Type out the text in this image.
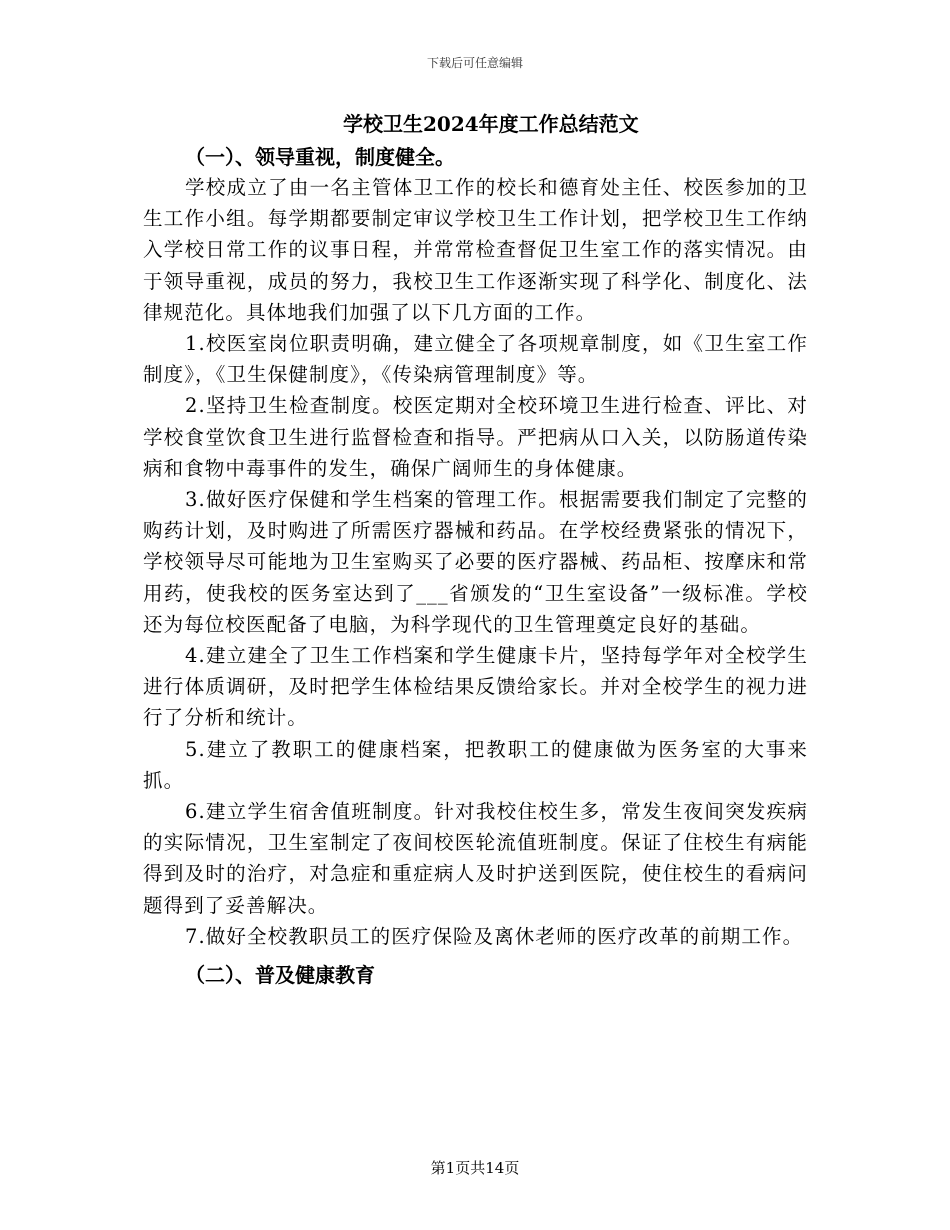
下载后可任意编辑
学校卫生2024年度工作总结范文
（一）、领导重视，制度健全。

学校成立了由一名主管体卫工作的校长和德育处主任、校医参加的卫生工作小组。每学期都要制定审议学校卫生工作计划，把学校卫生工作纳入学校日常工作的议事日程，并常常检查督促卫生室工作的落实情况。由于领导重视，成员的努力，我校卫生工作逐渐实现了科学化、制度化、法律规范化。具体地我们加强了以下几方面的工作。

1.校医室岗位职责明确，建立健全了各项规章制度，如《卫生室工作制度》，《卫生保健制度》，《传染病管理制度》等。

2.坚持卫生检查制度。校医定期对全校环境卫生进行检查、评比、对学校食堂饮食卫生进行监督检查和指导。严把病从口入关，以防肠道传染病和食物中毒事件的发生，确保广阔师生的身体健康。

3.做好医疗保健和学生档案的管理工作。根据需要我们制定了完整的购药计划，及时购进了所需医疗器械和药品。在学校经费紧张的情况下，学校领导尽可能地为卫生室购买了必要的医疗器械、药品柜、按摩床和常用药，使我校的医务室达到了___省颁发的“卫生室设备”一级标准。学校还为每位校医配备了电脑，为科学现代的卫生管理奠定良好的基础。

4.建立建全了卫生工作档案和学生健康卡片，坚持每学年对全校学生进行体质调研，及时把学生体检结果反馈给家长。并对全校学生的视力进行了分析和统计。

5.建立了教职工的健康档案，把教职工的健康做为医务室的大事来抓。

6.建立学生宿舍值班制度。针对我校住校生多，常发生夜间突发疾病的实际情况，卫生室制定了夜间校医轮流值班制度。保证了住校生有病能得到及时的治疗，对急症和重症病人及时护送到医院，使住校生的看病问题得到了妥善解决。

7.做好全校教职员工的医疗保险及离休老师的医疗改革的前期工作。

（二）、普及健康教育
第1页共14页
